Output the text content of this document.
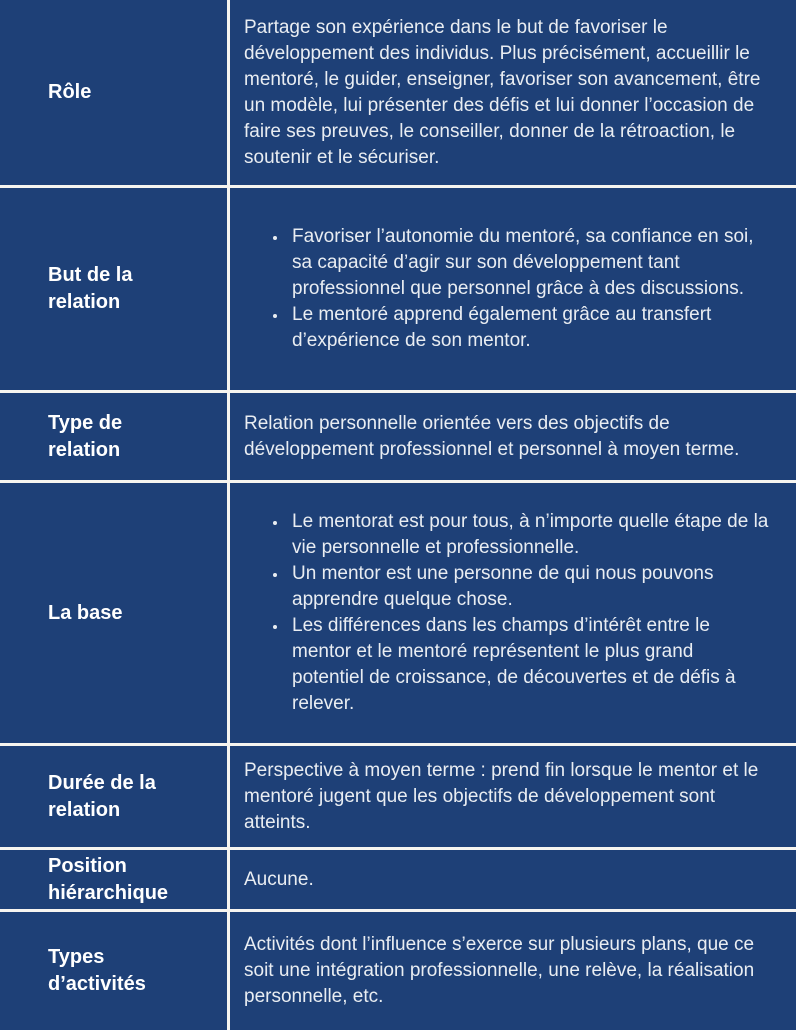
Rôle

Partage son expérience dans le but de favoriser le développement des individus. Plus précisément, accueillir le mentoré, le guider, enseigner, favoriser son avancement, être un modèle, lui présenter des défis et lui donner l’occasion de faire ses preuves, le conseiller, donner de la rétroaction, le soutenir et le sécuriser.

But de la relation
• Favoriser l’autonomie du mentoré, sa confiance en soi, sa capacité d’agir sur son développement tant professionnel que personnel grâce à des discussions.
• Le mentoré apprend également grâce au transfert d’expérience de son mentor.
Type de relation

Relation personnelle orientée vers des objectifs de développement professionnel et personnel à moyen terme.

La base
• Le mentorat est pour tous, à n’importe quelle étape de la vie personnelle et professionnelle.
• Un mentor est une personne de qui nous pouvons apprendre quelque chose.
• Les différences dans les champs d’intérêt entre le mentor et le mentoré représentent le plus grand potentiel de croissance, de découvertes et de défis à relever.
Durée de la relation

Perspective à moyen terme : prend fin lorsque le mentor et le mentoré jugent que les objectifs de développement sont atteints.

Position hiérarchique

Aucune.

Types d’activités

Activités dont l’influence s’exerce sur plusieurs plans, que ce soit une intégration professionnelle, une relève, la réalisation personnelle, etc.
